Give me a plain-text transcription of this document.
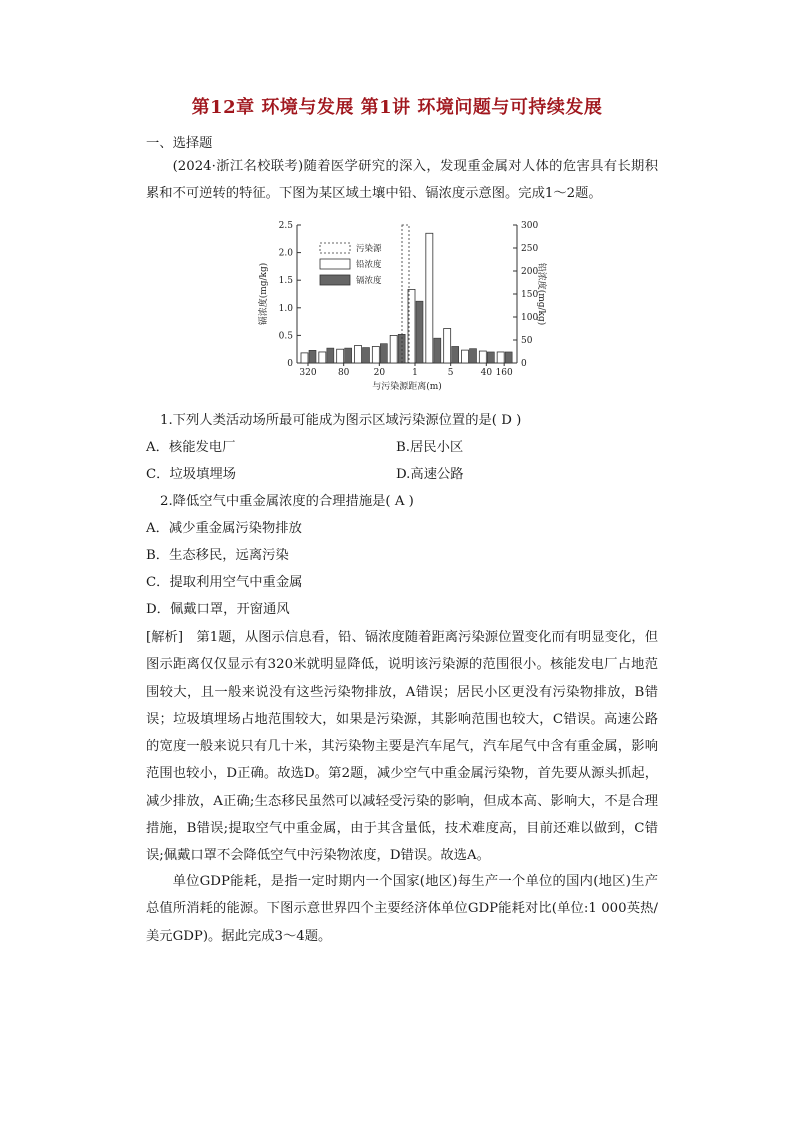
第12章 环境与发展 第1讲 环境问题与可持续发展
一、选择题
(2024·浙江名校联考)随着医学研究的深入，发现重金属对人体的危害具有长期积累和不可逆转的特征。下图为某区域土壤中铅、镉浓度示意图。完成1～2题。
污染源
铅浓度
镉浓度
0
0.5
1.0
1.5
2.0
2.5
0
50
100
150
200
250
300
320 80	20	1	5	40 160
与污染源距离(m)
镉浓度(mg/kg)	铅浓度(mg/kg)
1.下列人类活动场所最可能成为图示区域污染源位置的是( D )
A．核能发电厂	B.居民小区
C．垃圾填埋场	D.高速公路
2.降低空气中重金属浓度的合理措施是( A )
A．减少重金属污染物排放
B．生态移民，远离污染
C．提取利用空气中重金属
D．佩戴口罩，开窗通风
[解析]　第1题，从图示信息看，铅、镉浓度随着距离污染源位置变化而有明显变化，但图示距离仅仅显示有320米就明显降低，说明该污染源的范围很小。核能发电厂占地范围较大，且一般来说没有这些污染物排放，A错误；居民小区更没有污染物排放，B错误；垃圾填埋场占地范围较大，如果是污染源，其影响范围也较大，C错误。高速公路的宽度一般来说只有几十米，其污染物主要是汽车尾气，汽车尾气中含有重金属，影响范围也较小，D正确。故选D。第2题，减少空气中重金属污染物，首先要从源头抓起，减少排放，A正确;生态移民虽然可以减轻受污染的影响，但成本高、影响大，不是合理措施，B错误;提取空气中重金属，由于其含量低，技术难度高，目前还难以做到，C错误;佩戴口罩不会降低空气中污染物浓度，D错误。故选A。
单位GDP能耗，是指一定时期内一个国家(地区)每生产一个单位的国内(地区)生产总值所消耗的能源。下图示意世界四个主要经济体单位GDP能耗对比(单位:1 000英热/美元GDP)。据此完成3～4题。
